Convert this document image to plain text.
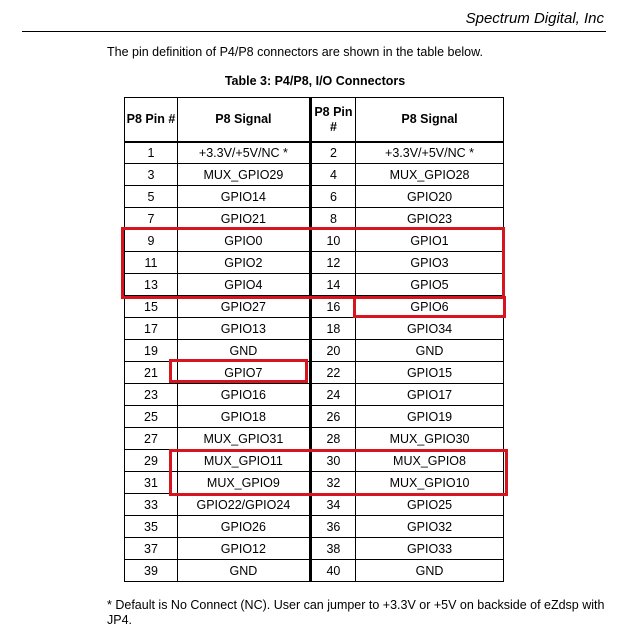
Spectrum Digital, Inc
The pin definition of P4/P8 connectors are shown in the table below.
Table 3: P4/P8, I/O Connectors
P8 Pin #	P8 Signal	P8 Pin #	P8 Signal
1	+3.3V/+5V/NC *	2	+3.3V/+5V/NC *
3	MUX_GPIO29	4	MUX_GPIO28
5	GPIO14	6	GPIO20
7	GPIO21	8	GPIO23
9	GPIO0	10	GPIO1
11	GPIO2	12	GPIO3
13	GPIO4	14	GPIO5
15	GPIO27	16	GPIO6
17	GPIO13	18	GPIO34
19	GND	20	GND
21	GPIO7	22	GPIO15
23	GPIO16	24	GPIO17
25	GPIO18	26	GPIO19
27	MUX_GPIO31	28	MUX_GPIO30
29	MUX_GPIO11	30	MUX_GPIO8
31	MUX_GPIO9	32	MUX_GPIO10
33	GPIO22/GPIO24	34	GPIO25
35	GPIO26	36	GPIO32
37	GPIO12	38	GPIO33
39	GND	40	GND
* Default is No Connect (NC). User can jumper to +3.3V or +5V on backside of eZdsp with JP4.
